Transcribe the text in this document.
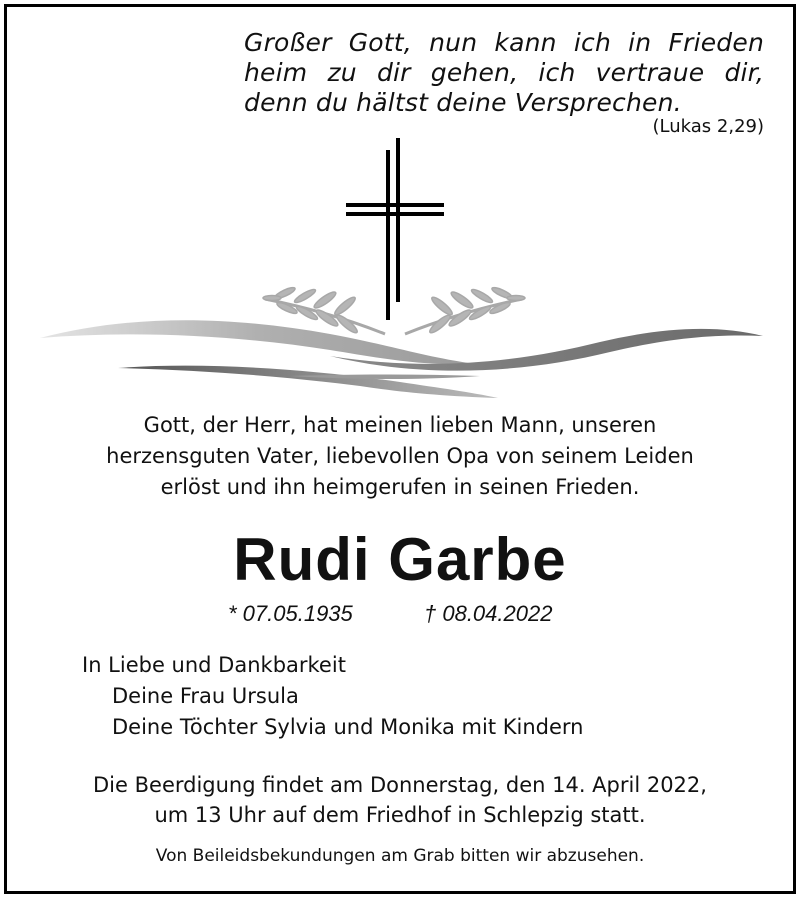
Großer Gott, nun kann ich in Frieden
heim zu dir gehen, ich vertraue dir,
denn du hältst deine Versprechen.
(Lukas 2,29)
Gott, der Herr, hat meinen lieben Mann, unseren
herzensguten Vater, liebevollen Opa von seinem Leiden
erlöst und ihn heimgerufen in seinen Frieden.
Rudi Garbe
* 07.05.1935	† 08.04.2022
In Liebe und Dankbarkeit
Deine Frau Ursula
Deine Töchter Sylvia und Monika mit Kindern
Die Beerdigung findet am Donnerstag, den 14. April 2022,
um 13 Uhr auf dem Friedhof in Schlepzig statt.
Von Beileidsbekundungen am Grab bitten wir abzusehen.
